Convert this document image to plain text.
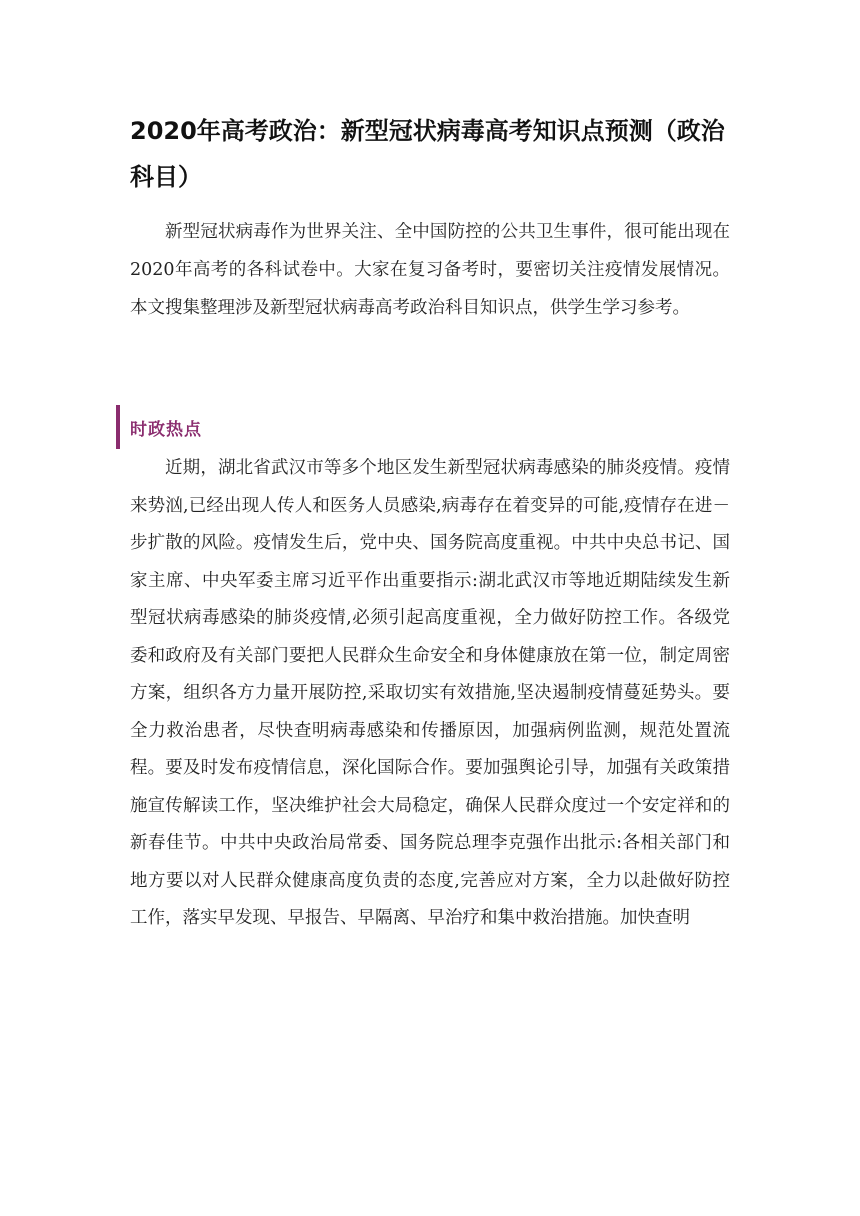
2020年高考政治：新型冠状病毒高考知识点预测（政治科目）

新型冠状病毒作为世界关注、全中国防控的公共卫生事件，很可能出现在2020年高考的各科试卷中。大家在复习备考时，要密切关注疫情发展情况。本文搜集整理涉及新型冠状病毒高考政治科目知识点，供学生学习参考。

时政热点

近期，湖北省武汉市等多个地区发生新型冠状病毒感染的肺炎疫情。疫情来势汹,已经出现人传人和医务人员感染,病毒存在着变异的可能,疫情存在进－ 步扩散的风险。疫情发生后，党中央、国务院高度重视。中共中央总书记、国家主席、中央军委主席习近平作出重要指示:湖北武汉市等地近期陆续发生新型冠状病毒感染的肺炎疫情,必须引起高度重视，全力做好防控工作。各级党委和政府及有关部门要把人民群众生命安全和身体健康放在第一位，制定周密方案，组织各方力量开展防控,采取切实有效措施,坚决遏制疫情蔓延势头。要全力救治患者，尽快查明病毒感染和传播原因，加强病例监测，规范处置流程。要及时发布疫情信息，深化国际合作。要加强舆论引导，加强有关政策措施宣传解读工作，坚决维护社会大局稳定，确保人民群众度过一个安定祥和的新春佳节。中共中央政治局常委、国务院总理李克强作出批示:各相关部门和地方要以对人民群众健康高度负责的态度,完善应对方案，全力以赴做好防控工作，落实早发现、早报告、早隔离、早治疗和集中救治措施。加快查明
